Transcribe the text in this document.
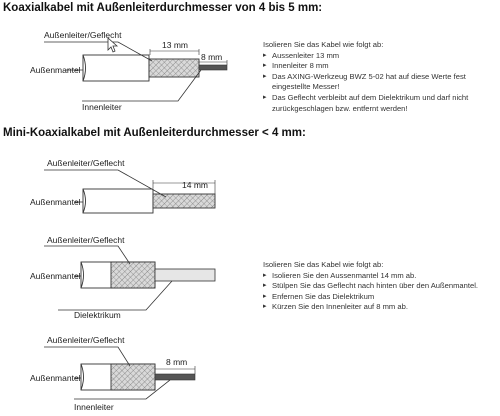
Koaxialkabel mit Außenleiterdurchmesser von 4 bis 5 mm:
Mini-Koaxialkabel mit Außenleiterdurchmesser < 4 mm:
Außenleiter/Geflecht
Außenmantel
Innenleiter
13 mm
8 mm
Außenleiter/Geflecht
Außenmantel
14 mm
Außenleiter/Geflecht
Außenmantel
Dielektrikum
Außenleiter/Geflecht
Außenmantel
Innenleiter
8 mm

Isolieren Sie das Kabel wie folgt ab:

▸ Aussenleiter 13 mm
▸ Innenleiter 8 mm
▸ Das AXING-Werkzeug BWZ 5-02 hat auf diese Werte fest eingestellte Messer!
▸ Das Geflecht verbleibt auf dem Dielektrikum und darf nicht zurückgeschlagen bzw. entfernt werden!

Isolieren Sie das Kabel wie folgt ab:

▸ Isolieren Sie den Aussenmantel 14 mm ab.
▸ Stülpen Sie das Geflecht nach hinten über den Außenmantel.
▸ Enfernen Sie das Dielektrikum
▸ Kürzen Sie den Innenleiter auf 8 mm ab.
